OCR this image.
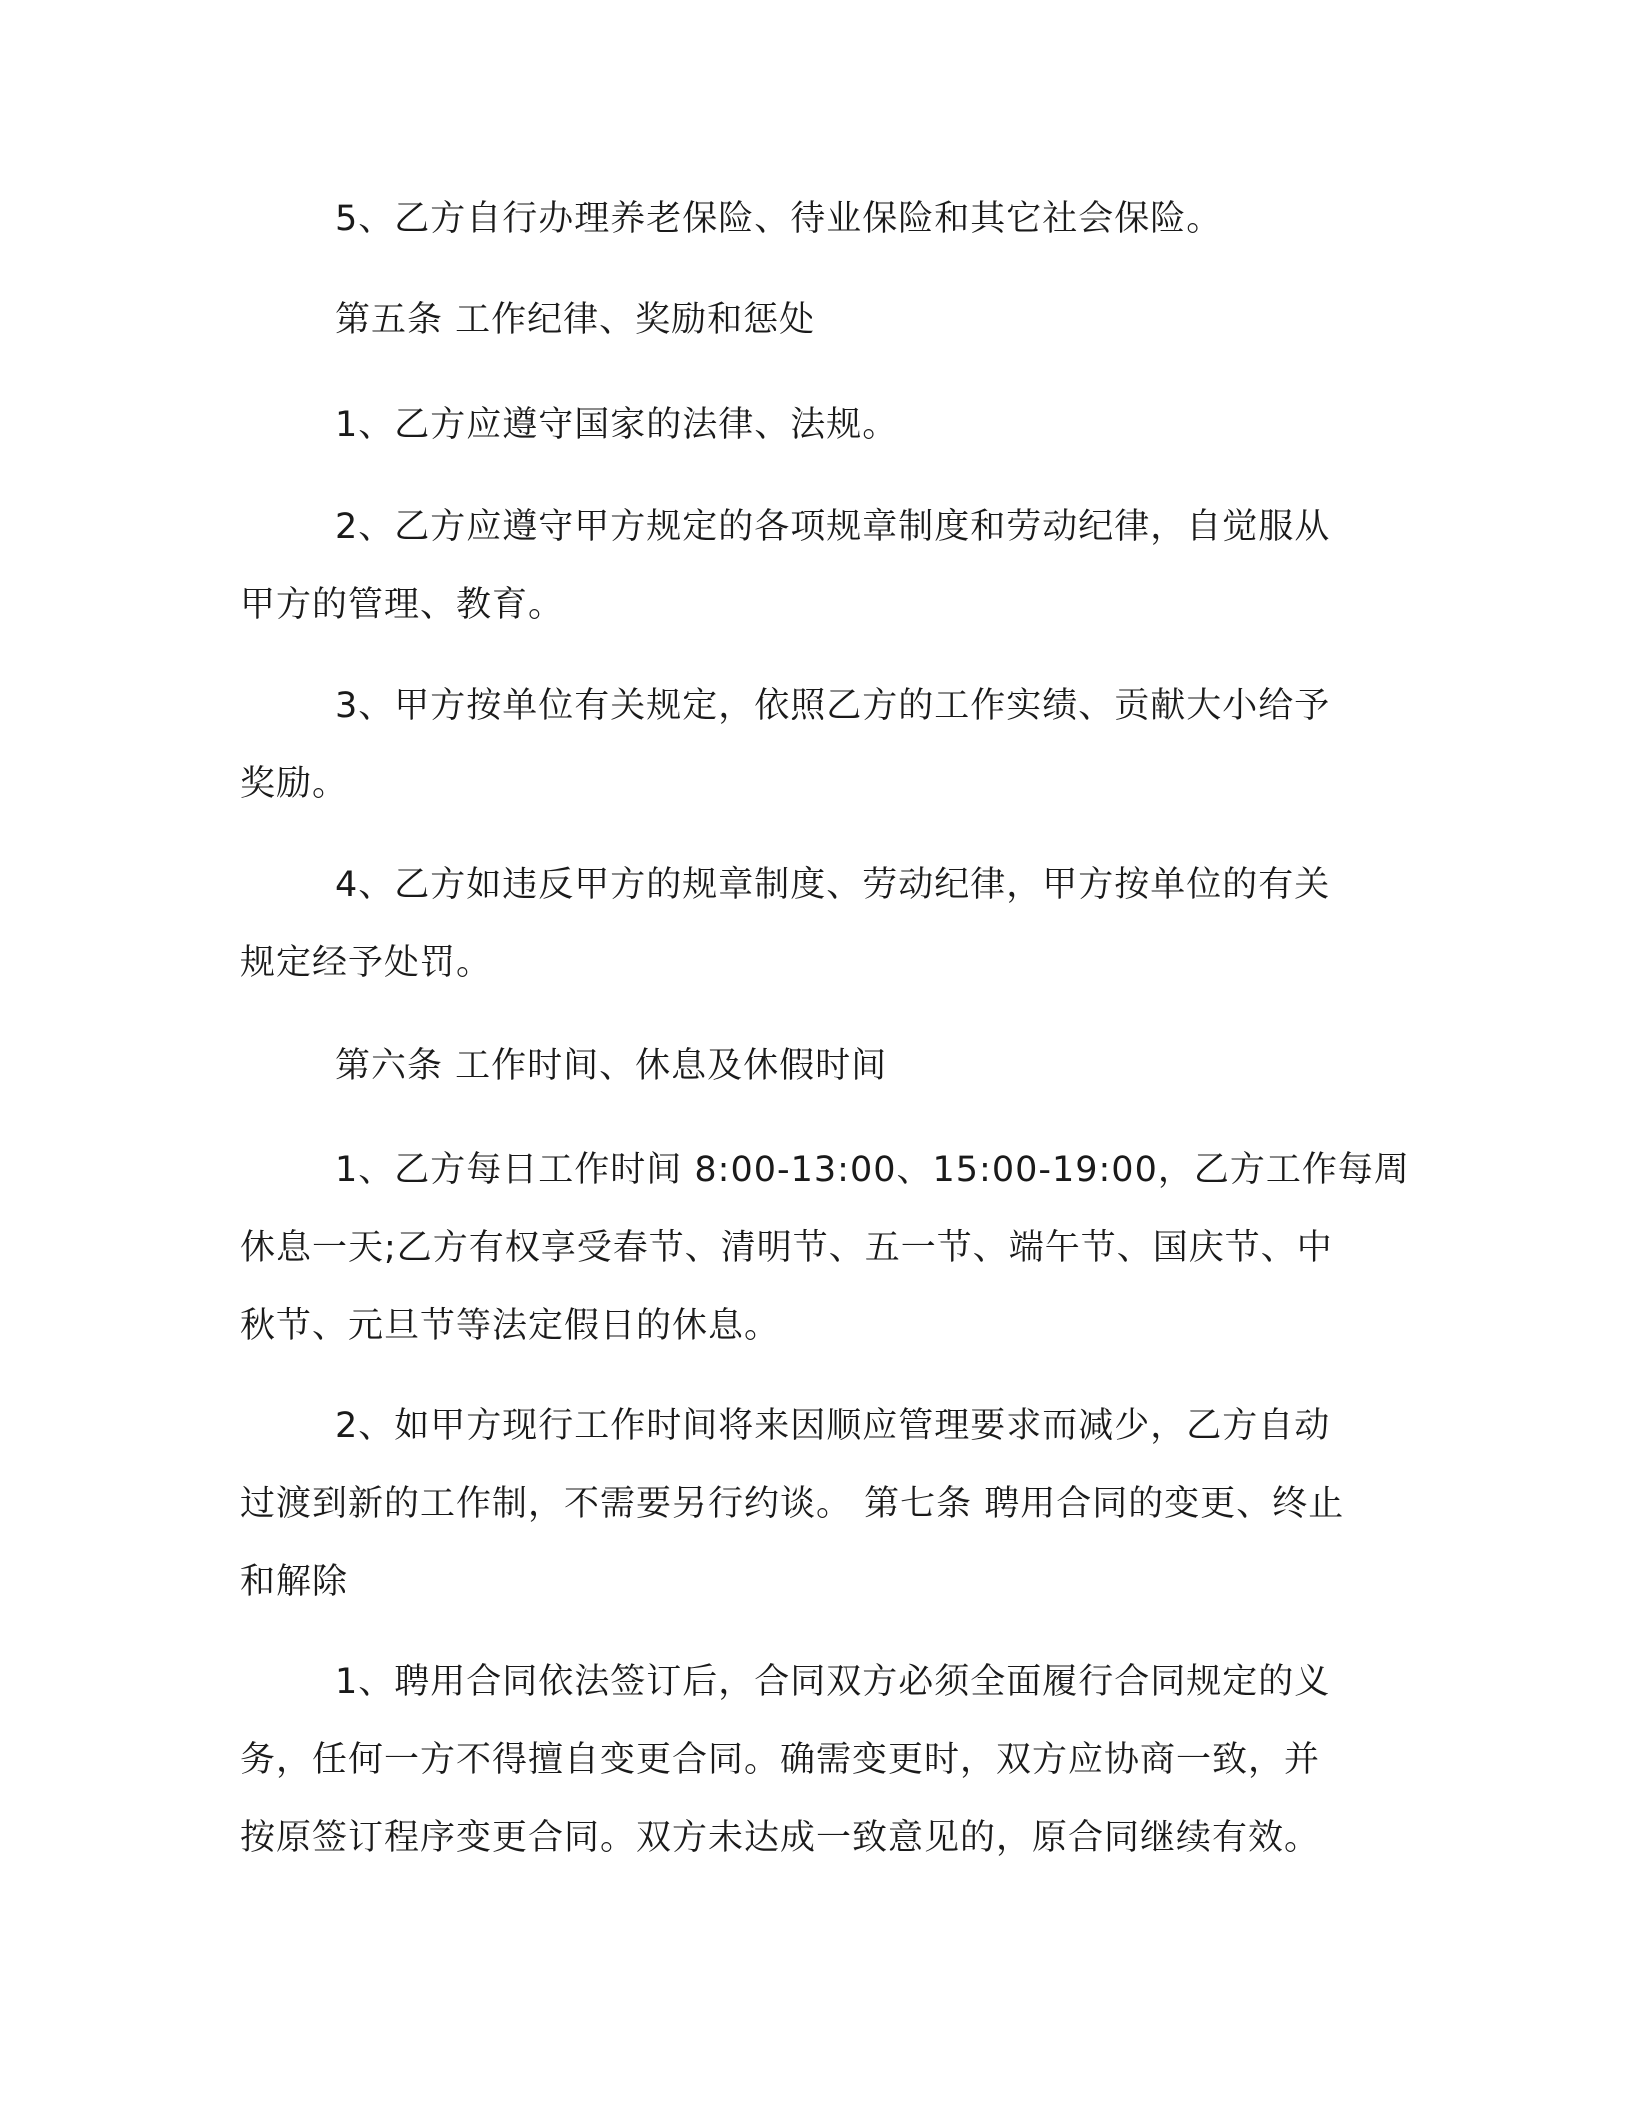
5、乙方自行办理养老保险、待业保险和其它社会保险。

第五条 工作纪律、奖励和惩处

1、乙方应遵守国家的法律、法规。

2、乙方应遵守甲方规定的各项规章制度和劳动纪律，自觉服从
甲方的管理、教育。

3、甲方按单位有关规定，依照乙方的工作实绩、贡献大小给予
奖励。

4、乙方如违反甲方的规章制度、劳动纪律，甲方按单位的有关
规定经予处罚。

第六条 工作时间、休息及休假时间

1、乙方每日工作时间 8:00-13:00、15:00-19:00，乙方工作每周
休息一天;乙方有权享受春节、清明节、五一节、端午节、国庆节、中
秋节、元旦节等法定假日的休息。

2、如甲方现行工作时间将来因顺应管理要求而减少，乙方自动
过渡到新的工作制，不需要另行约谈。 第七条 聘用合同的变更、终止
和解除

1、聘用合同依法签订后，合同双方必须全面履行合同规定的义
务，任何一方不得擅自变更合同。确需变更时，双方应协商一致，并
按原签订程序变更合同。双方未达成一致意见的，原合同继续有效。
